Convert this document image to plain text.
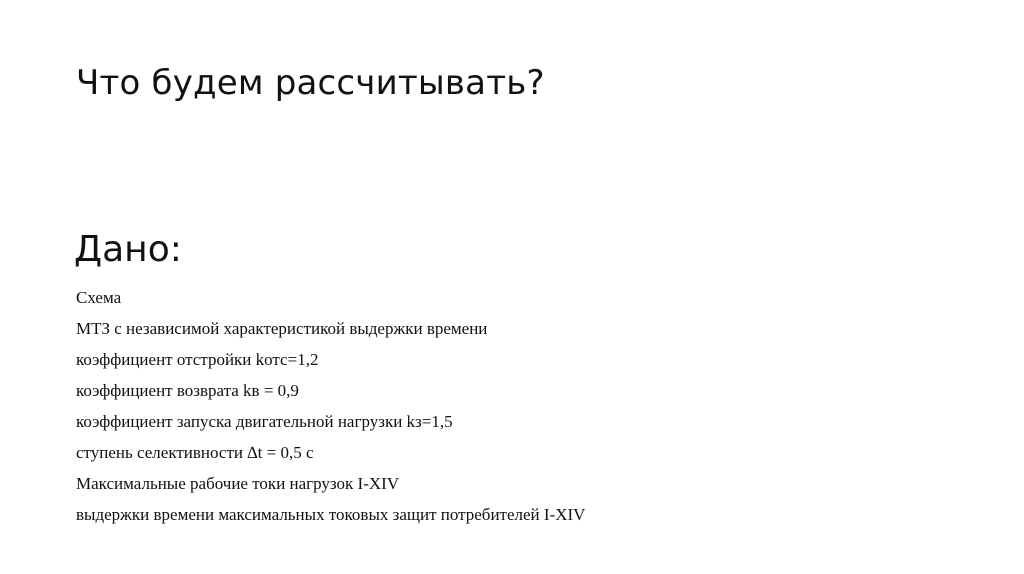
Что будем рассчитывать?
Дано:
Схема
МТЗ с независимой характеристикой выдержки времени
коэффициент отстройки kотс=1,2
коэффициент возврата kв = 0,9
коэффициент запуска двигательной нагрузки kз=1,5
ступень селективности ∆t = 0,5 с
Максимальные рабочие токи нагрузок I-XIV
выдержки времени максимальных токовых защит потребителей I-XIV
